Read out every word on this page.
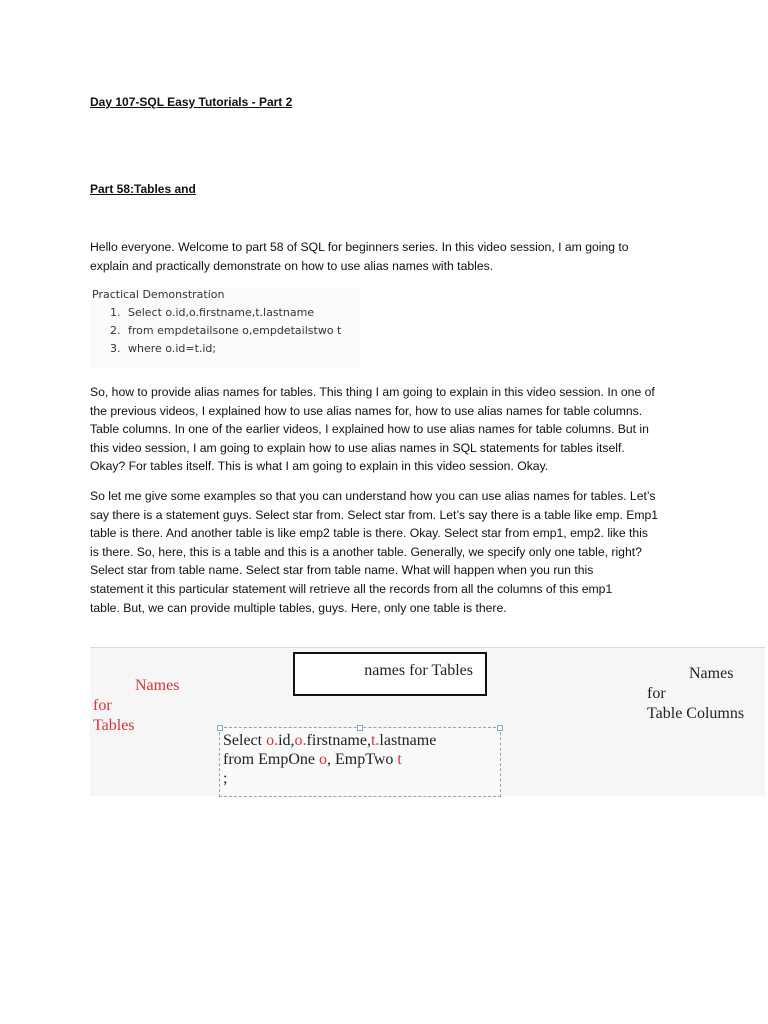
Day 107-SQL Easy Tutorials - Part 2
Part 58:Tables and
Hello everyone. Welcome to part 58 of SQL for beginners series. In this video session, I am going to
explain and practically demonstrate on how to use alias names with tables.
Practical Demonstration
1. Select o.id,o.firstname,t.lastname
2. from empdetailsone o,empdetailstwo t
3. where o.id=t.id;
So, how to provide alias names for tables. This thing I am going to explain in this video session. In one of
the previous videos, I explained how to use alias names for, how to use alias names for table columns.
Table columns. In one of the earlier videos, I explained how to use alias names for table columns. But in
this video session, I am going to explain how to use alias names in SQL statements for tables itself.
Okay? For tables itself. This is what I am going to explain in this video session. Okay.
So let me give some examples so that you can understand how you can use alias names for tables. Let’s
say there is a statement guys. Select star from. Select star from. Let’s say there is a table like emp. Emp1
table is there. And another table is like emp2 table is there. Okay. Select star from emp1, emp2. like this
is there. So, here, this is a table and this is a another table. Generally, we specify only one table, right?
Select star from table name. Select star from table name. What will happen when you run this
statement it this particular statement will retrieve all the records from all the columns of this emp1
table. But, we can provide multiple tables, guys. Here, only one table is there.
Names
for
Tables
names for Tables	Names
for
Table Columns
Select o.id,o.firstname,t.lastname
from EmpOne o, EmpTwo t
;
